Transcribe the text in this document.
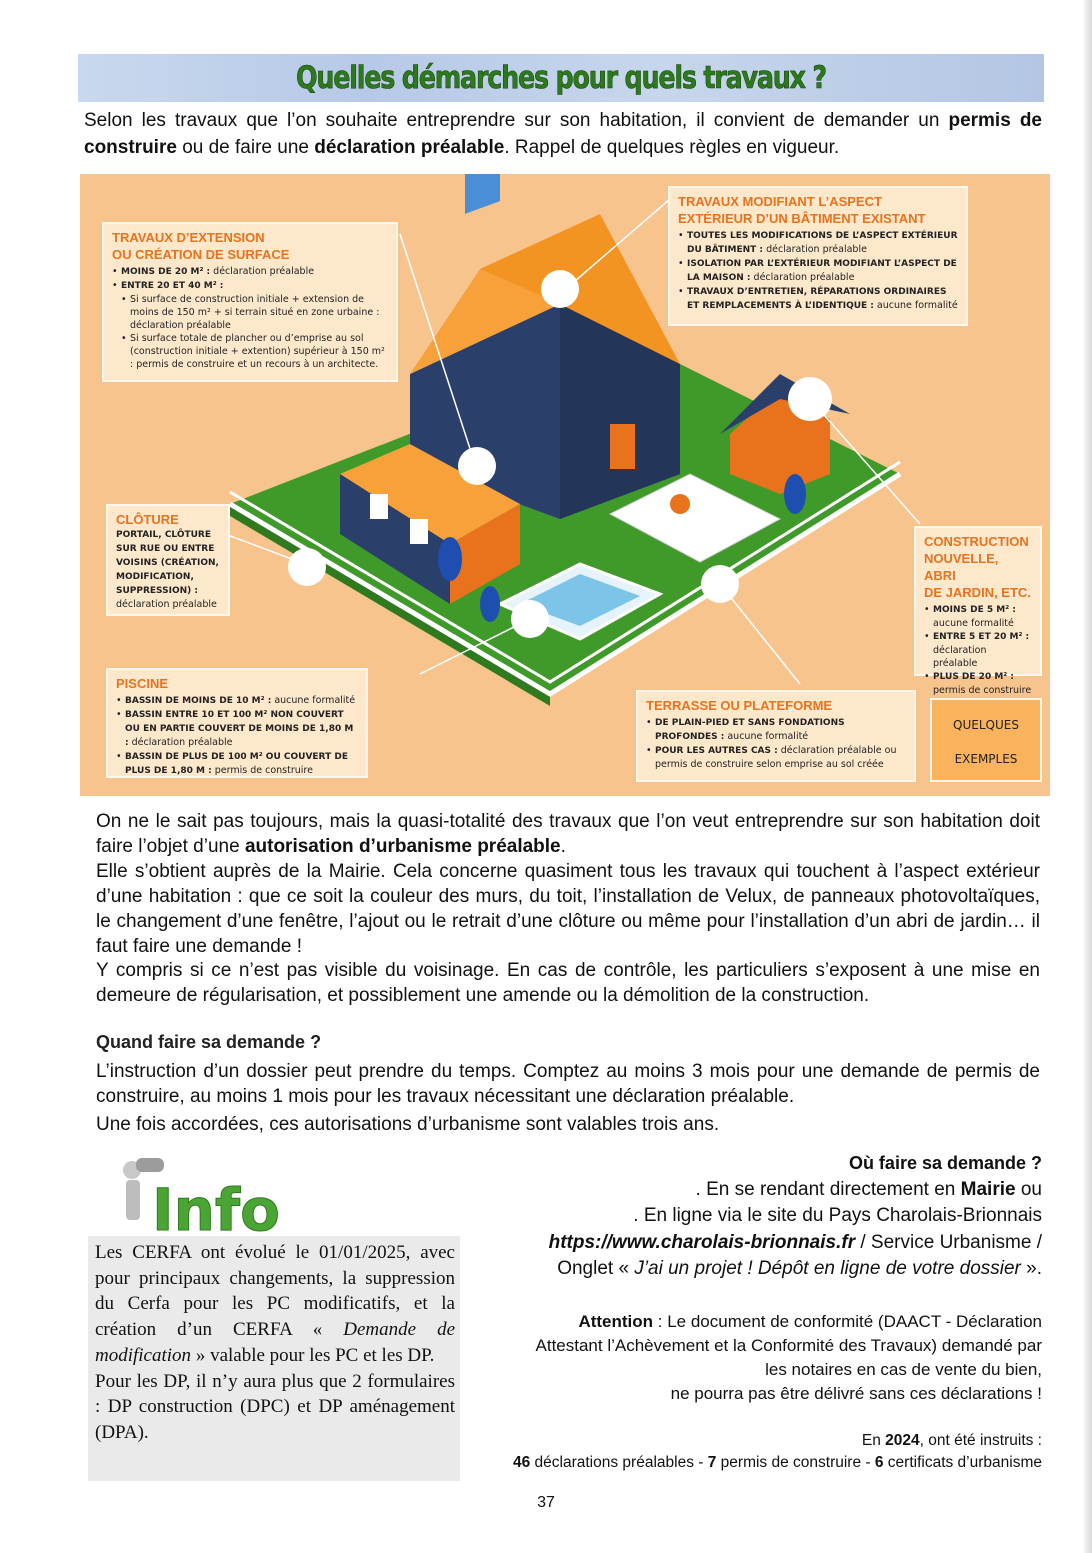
Quelles démarches pour quels travaux ?
Selon les travaux que l’on souhaite entreprendre sur son habitation, il convient de demander un permis de construire ou de faire une déclaration préalable. Rappel de quelques règles en vigueur.
TRAVAUX D’EXTENSION
OU CRÉATION DE SURFACE
• MOINS DE 20 M² : déclaration préalable
• ENTRE 20 ET 40 M² :
• Si surface de construction initiale + extension de moins de 150 m² + si terrain situé en zone urbaine : déclaration préalable
• Si surface totale de plancher ou d’emprise au sol (construction initiale + extention) supérieur à 150 m² : permis de construire et un recours à un architecte.
TRAVAUX MODIFIANT L’ASPECT
EXTÉRIEUR D’UN BÂTIMENT EXISTANT
• TOUTES LES MODIFICATIONS DE L’ASPECT EXTÉRIEUR DU BÂTIMENT : déclaration préalable
• ISOLATION PAR L’EXTÉRIEUR MODIFIANT L’ASPECT DE LA MAISON : déclaration préalable
• TRAVAUX D’ENTRETIEN, RÉPARATIONS ORDINAIRES ET REMPLACEMENTS À L’IDENTIQUE : aucune formalité
CLÔTURE
PORTAIL, CLÔTURE SUR RUE OU ENTRE VOISINS (CRÉATION, MODIFICATION, SUPPRESSION) : déclaration préalable
CONSTRUCTION
NOUVELLE, ABRI
DE JARDIN, ETC.
• MOINS DE 5 M² : aucune formalité
• ENTRE 5 ET 20 M² : déclaration préalable
• PLUS DE 20 M² : permis de construire
PISCINE
• BASSIN DE MOINS DE 10 M² : aucune formalité
• BASSIN ENTRE 10 ET 100 M² NON COUVERT OU EN PARTIE COUVERT DE MOINS DE 1,80 M : déclaration préalable
• BASSIN DE PLUS DE 100 M² OU COUVERT DE PLUS DE 1,80 M : permis de construire
TERRASSE OU PLATEFORME
• DE PLAIN-PIED ET SANS FONDATIONS PROFONDES : aucune formalité
• POUR LES AUTRES CAS : déclaration préalable ou permis de construire selon emprise au sol créée
QUELQUES
EXEMPLES
On ne le sait pas toujours, mais la quasi-totalité des travaux que l’on veut entreprendre sur son habitation doit faire l’objet d’une autorisation d’urbanisme préalable.
Elle s’obtient auprès de la Mairie. Cela concerne quasiment tous les travaux qui touchent à l’aspect extérieur d’une habitation : que ce soit la couleur des murs, du toit, l’installation de Velux, de panneaux photovoltaïques, le changement d’une fenêtre, l’ajout ou le retrait d’une clôture ou même pour l’installation d’un abri de jardin… il faut faire une demande !
Y compris si ce n’est pas visible du voisinage. En cas de contrôle, les particuliers s’exposent à une mise en demeure de régularisation, et possiblement une amende ou la démolition de la construction.
Quand faire sa demande ?
L’instruction d’un dossier peut prendre du temps. Comptez au moins 3 mois pour une demande de permis de construire, au moins 1 mois pour les travaux nécessitant une déclaration préalable.
Une fois accordées, ces autorisations d’urbanisme sont valables trois ans.
Info
Les CERFA ont évolué le 01/01/2025, avec pour principaux changements, la suppression du Cerfa pour les PC modificatifs, et la création d’un CERFA « Demande de modification » valable pour les PC et les DP.
Pour les DP, il n’y aura plus que 2 formulaires : DP construction (DPC) et DP aménagement (DPA).
Où faire sa demande ?
. En se rendant directement en Mairie ou
. En ligne via le site du Pays Charolais-Brionnais
https://www.charolais-brionnais.fr / Service Urbanisme /
Onglet « J’ai un projet ! Dépôt en ligne de votre dossier ».
Attention : Le document de conformité (DAACT - Déclaration
Attestant l’Achèvement et la Conformité des Travaux) demandé par
les notaires en cas de vente du bien,
ne pourra pas être délivré sans ces déclarations !
En 2024, ont été instruits :
46 déclarations préalables - 7 permis de construire - 6 certificats d’urbanisme
37
